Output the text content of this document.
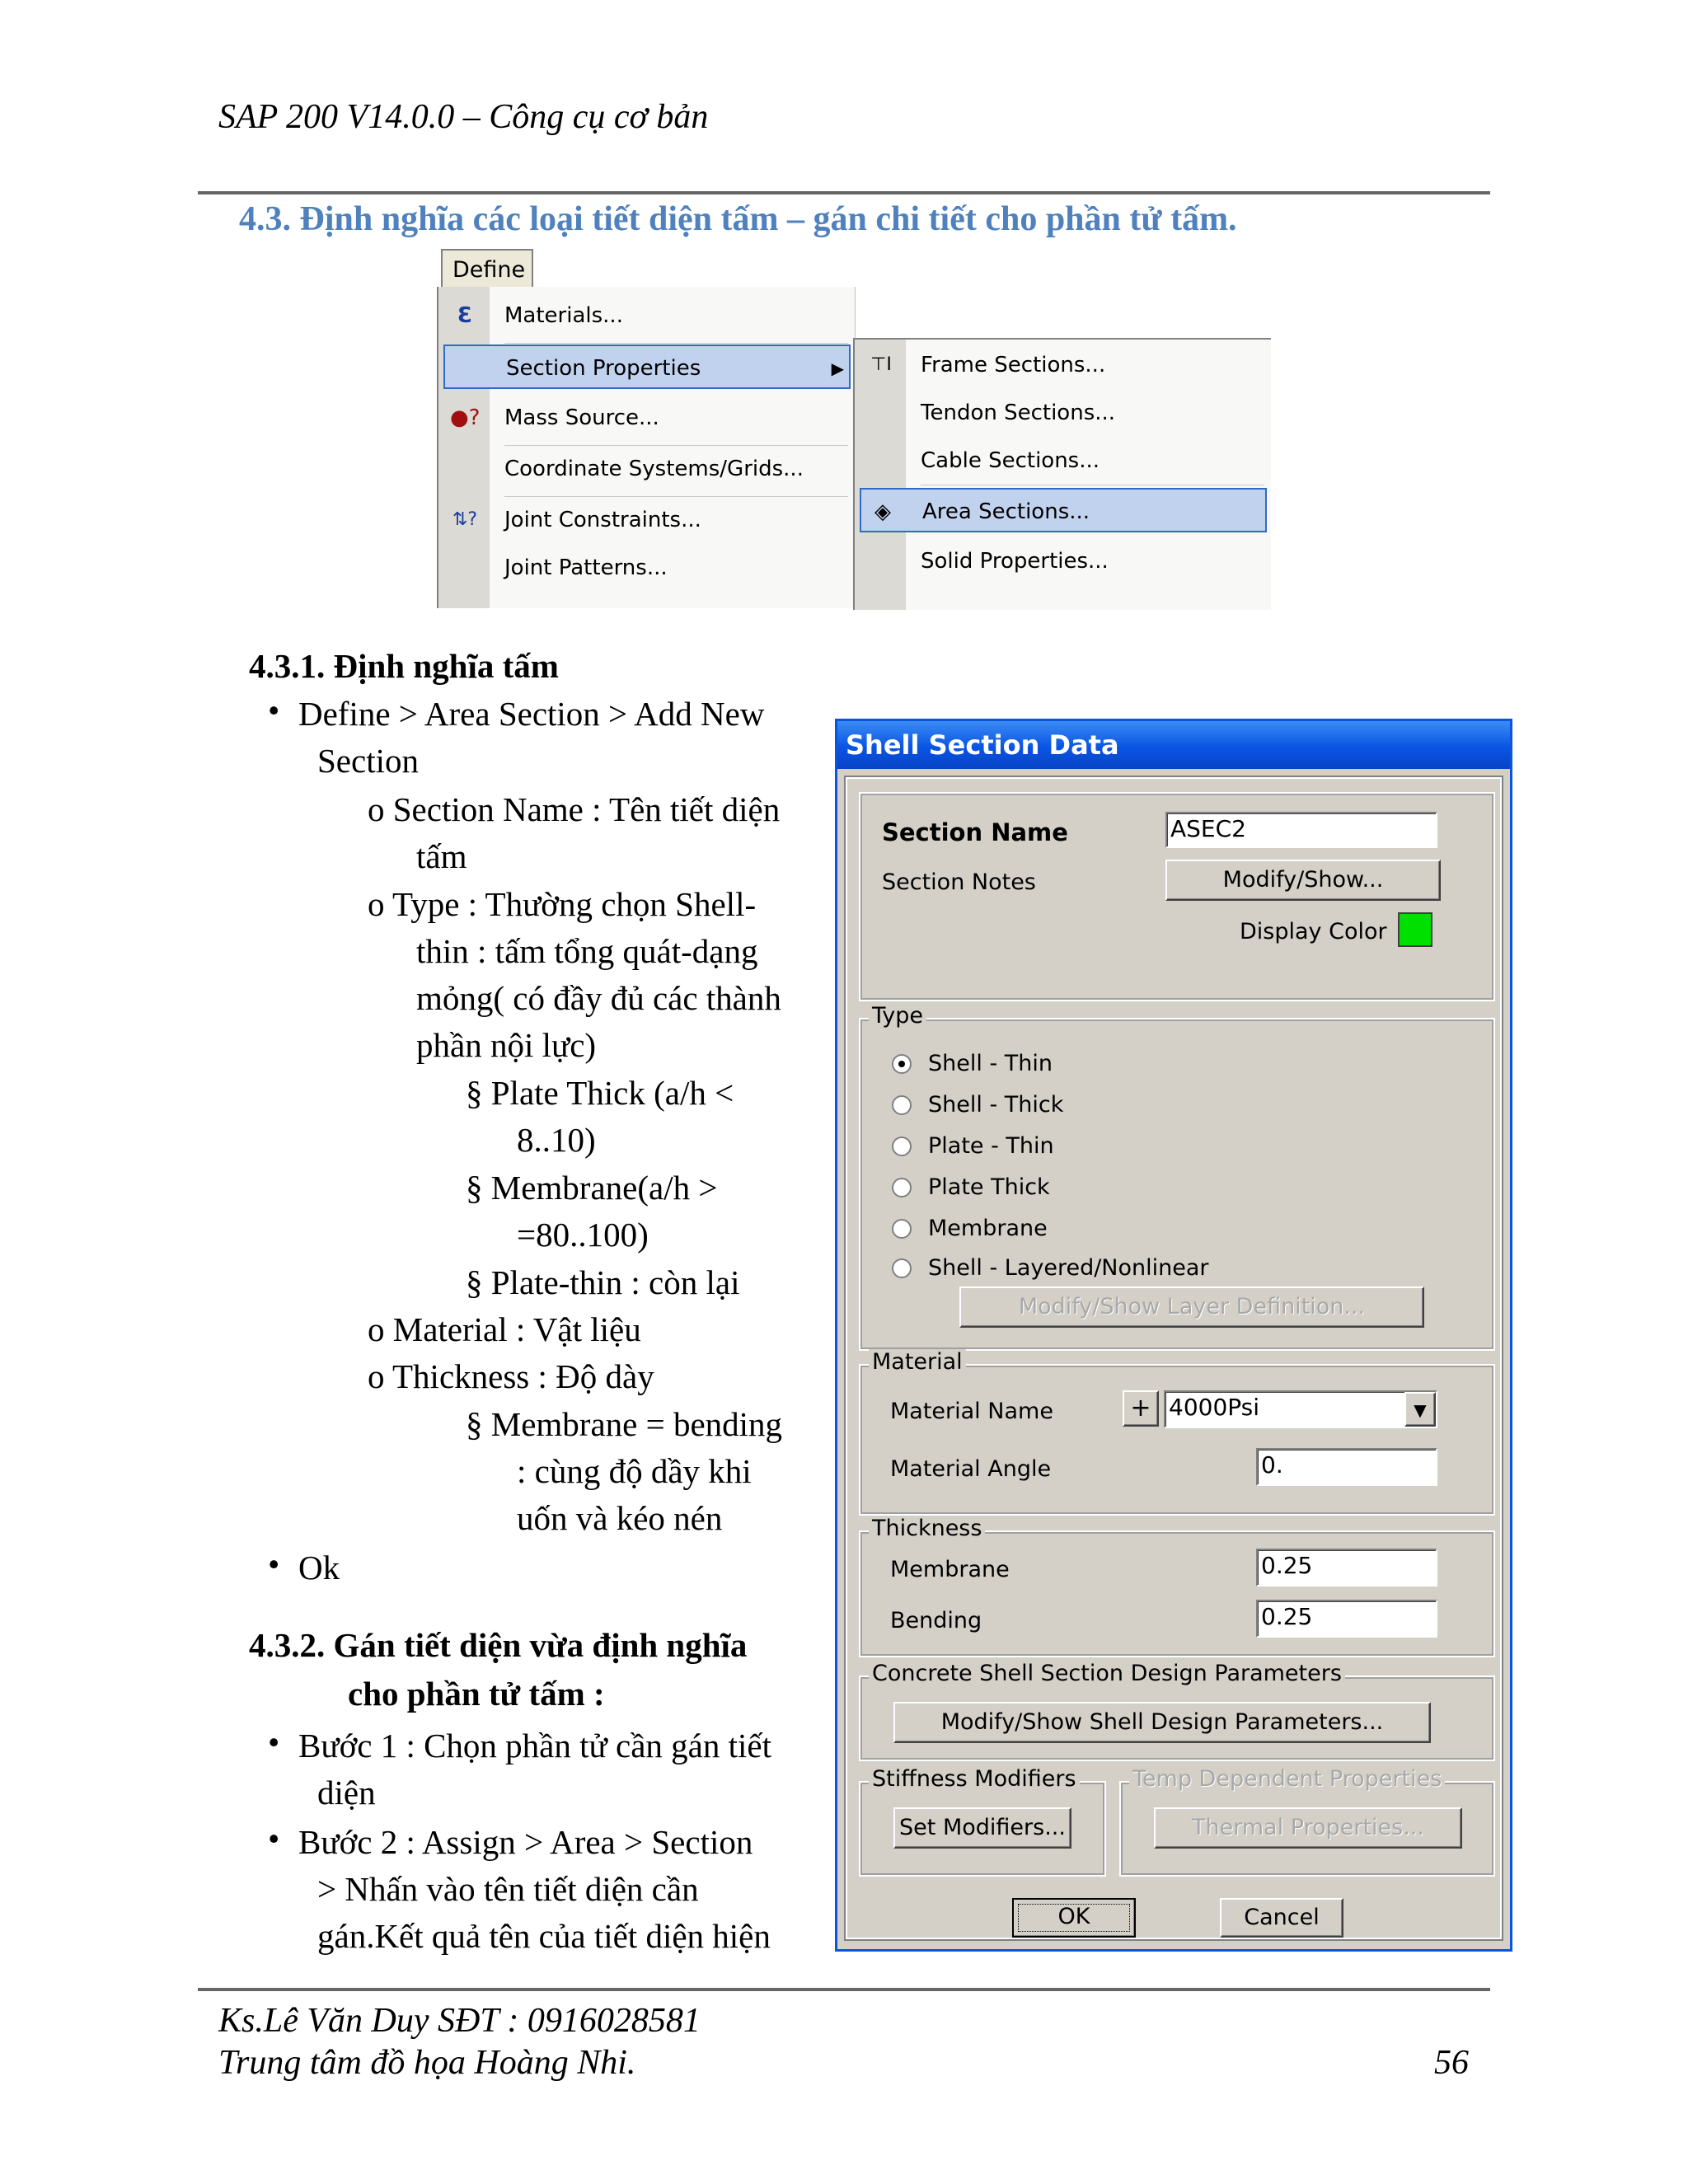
SAP 200 V14.0.0 – Công cụ cơ bản
4.3. Định nghĩa các loại tiết diện tấm – gán chi tiết cho phần tử tấm.
Define
Ɛ	Materials...
Section Properties	▶
●? Mass Source...
Coordinate Systems/Grids...
⇅? Joint Constraints...
Joint Patterns...
⊤I Frame Sections...
Tendon Sections...
Cable Sections...
◈	Area Sections...
Solid Properties...
4.3.1. Định nghĩa tấm
• Define > Area Section > Add New
Section
o Section Name : Tên tiết diện
tấm
o Type : Thường chọn Shell-
thin : tấm tổng quát-dạng
mỏng( có đầy đủ các thành
phần nội lực)
§ Plate Thick (a/h <
8..10)
§ Membrane(a/h >
=80..100)
§ Plate-thin : còn lại
o Material : Vật liệu
o Thickness : Độ dày
§ Membrane = bending
: cùng độ dầy khi
uốn và kéo nén
• Ok
4.3.2. Gán tiết diện vừa định nghĩa
cho phần tử tấm :
• Bước 1 : Chọn phần tử cần gán tiết
diện
• Bước 2 : Assign > Area > Section
> Nhấn vào tên tiết diện cần
gán.Kết quả tên của tiết diện hiện
Shell Section Data
Section Name	ASEC2
Section Notes	Modify/Show...
Display Color
Type
Shell - Thin
Shell - Thick
Plate - Thin
Plate Thick
Membrane
Shell - Layered/Nonlinear
Modify/Show Layer Definition...
Material
Material Name	+ 4000Psi	▼
Material Angle	0.
Thickness
Membrane	0.25
Bending	0.25
Concrete Shell Section Design Parameters
Modify/Show Shell Design Parameters...
Stiffness Modifiers
Set Modifiers...
Temp Dependent Properties
Thermal Properties...
OK	Cancel
Ks.Lê Văn Duy SĐT : 0916028581
Trung tâm đồ họa Hoàng Nhi.	56
